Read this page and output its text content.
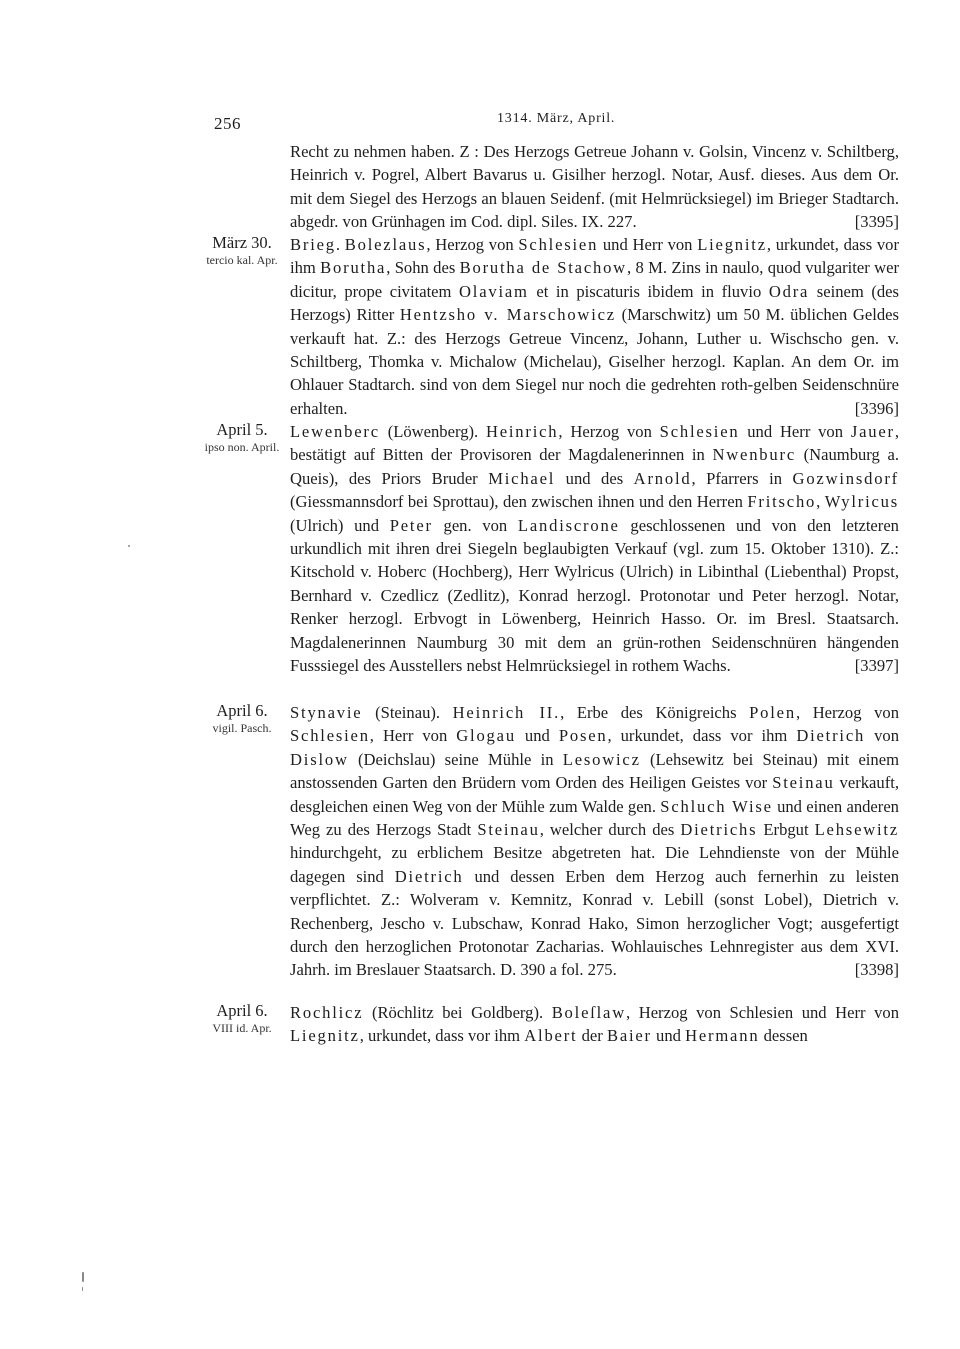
256	1314. März, April.
Recht zu nehmen haben. Z : Des Herzogs Getreue Johann v. Golsin, Vincenz v. Schiltberg, Heinrich v. Pogrel, Albert Bavarus u. Gisilher herzogl. Notar, Ausf. dieses. Aus dem Or. mit dem Siegel des Herzogs an blauen Seidenf. (mit Helmrücksiegel) im Brieger Stadtarch. abgedr. von Grünhagen im Cod. dipl. Siles. IX. 227.	[3395]
März 30.
tercio kal. Apr.
Brieg. Bolezlaus, Herzog von Schlesien und Herr von Liegnitz, urkundet, dass vor ihm Borutha, Sohn des Borutha de Stachow, 8 M. Zins in naulo, quod vulgariter wer dicitur, prope civitatem Olaviam et in piscaturis ibidem in fluvio Odra seinem (des Herzogs) Ritter Hentzsho v. Marschowicz (Marschwitz) um 50 M. üblichen Geldes verkauft hat. Z.: des Herzogs Getreue Vincenz, Johann, Luther u. Wischscho gen. v. Schiltberg, Thomka v. Michalow (Michelau), Giselher herzogl. Kaplan. An dem Or. im Ohlauer Stadtarch. sind von dem Siegel nur noch die gedrehten roth-gelben Seidenschnüre erhalten.	[3396]
April 5.
ipso non. April.
Lewenberc (Löwenberg). Heinrich, Herzog von Schlesien und Herr von Jauer, bestätigt auf Bitten der Provisoren der Magdalenerinnen in Nwenburc (Naumburg a. Queis), des Priors Bruder Michael und des Arnold, Pfarrers in Gozwinsdorf (Giessmannsdorf bei Sprottau), den zwischen ihnen und den Herren Fritscho, Wylricus (Ulrich) und Peter gen. von Landiscrone geschlossenen und von den letzteren urkundlich mit ihren drei Siegeln beglaubigten Verkauf (vgl. zum 15. Oktober 1310). Z.: Kitschold v. Hoberc (Hochberg), Herr Wylricus (Ulrich) in Libinthal (Liebenthal) Propst, Bernhard v. Czedlicz (Zedlitz), Konrad herzogl. Protonotar und Peter herzogl. Notar, Renker herzogl. Erbvogt in Löwenberg, Heinrich Hasso. Or. im Bresl. Staatsarch. Magdalenerinnen Naumburg 30 mit dem an grün-rothen Seidenschnüren hängenden Fusssiegel des Ausstellers nebst Helmrücksiegel in rothem Wachs.	[3397]
April 6.
vigil. Pasch.
Stynavie (Steinau). Heinrich II., Erbe des Königreichs Polen, Herzog von Schlesien, Herr von Glogau und Posen, urkundet, dass vor ihm Dietrich von Dislow (Deichslau) seine Mühle in Lesowicz (Lehsewitz bei Steinau) mit einem anstossenden Garten den Brüdern vom Orden des Heiligen Geistes vor Steinau verkauft, desgleichen einen Weg von der Mühle zum Walde gen. Schluch Wise und einen anderen Weg zu des Herzogs Stadt Steinau, welcher durch des Dietrichs Erbgut Lehsewitz hindurchgeht, zu erblichem Besitze abgetreten hat. Die Lehndienste von der Mühle dagegen sind Dietrich und dessen Erben dem Herzog auch fernerhin zu leisten verpflichtet. Z.: Wolveram v. Kemnitz, Konrad v. Lebill (sonst Lobel), Dietrich v. Rechenberg, Jescho v. Lubschaw, Konrad Hako, Simon herzoglicher Vogt; ausgefertigt durch den herzoglichen Protonotar Zacharias. Wohlauisches Lehnregister aus dem XVI. Jahrh. im Breslauer Staatsarch. D. 390 a fol. 275.	[3398]
April 6.
VIII id. Apr.
Rochlicz (Röchlitz bei Goldberg). Boleſlaw, Herzog von Schlesien und Herr von Liegnitz, urkundet, dass vor ihm Albert der Baier und Hermann dessen
